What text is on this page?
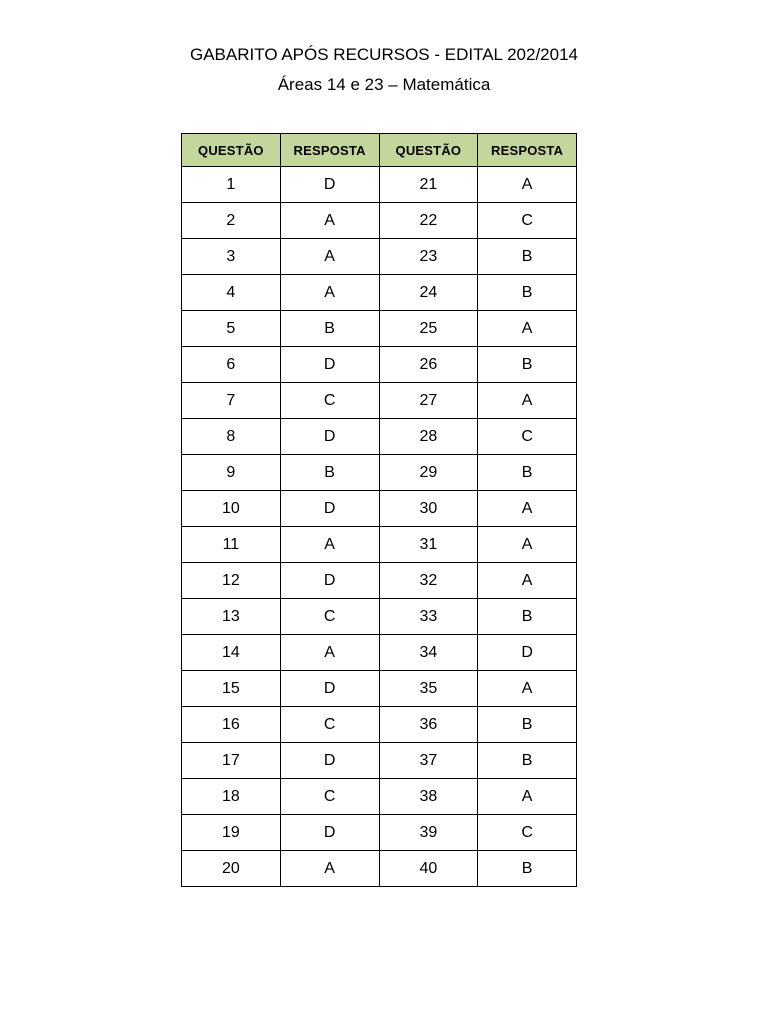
GABARITO APÓS RECURSOS - EDITAL 202/2014
Áreas 14 e 23 – Matemática
QUESTÃO	RESPOSTA	QUESTÃO	RESPOSTA
1	D	21	A
2	A	22	C
3	A	23	B
4	A	24	B
5	B	25	A
6	D	26	B
7	C	27	A
8	D	28	C
9	B	29	B
10	D	30	A
11	A	31	A
12	D	32	A
13	C	33	B
14	A	34	D
15	D	35	A
16	C	36	B
17	D	37	B
18	C	38	A
19	D	39	C
20	A	40	B
